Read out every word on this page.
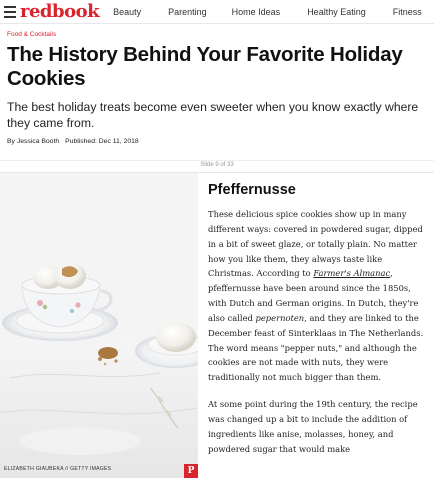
redbook Beauty	Parenting	Home Ideas	Healthy Eating	Fitness
Food & Cocktails
The History Behind Your Favorite Holiday Cookies

The best holiday treats become even sweeter when you know exactly where they came from.

By Jessica Booth Published: Dec 11, 2018
Slide 9 of 33
ELIZABETH GIAUBEKA // GETTY IMAGES	P
Pfeffernusse

These delicious spice cookies show up in many different ways: covered in powdered sugar, dipped in a bit of sweet glaze, or totally plain. No matter how you like them, they always taste like Christmas. According to Farmer's Almanac, pfeffernusse have been around since the 1850s, with Dutch and German origins. In Dutch, they're also called pepernoten, and they are linked to the December feast of Sinterklaas in The Netherlands. The word means "pepper nuts," and although the cookies are not made with nuts, they were traditionally not much bigger than them.

At some point during the 19th century, the recipe was changed up a bit to include the addition of ingredients like anise, molasses, honey, and powdered sugar that would make
